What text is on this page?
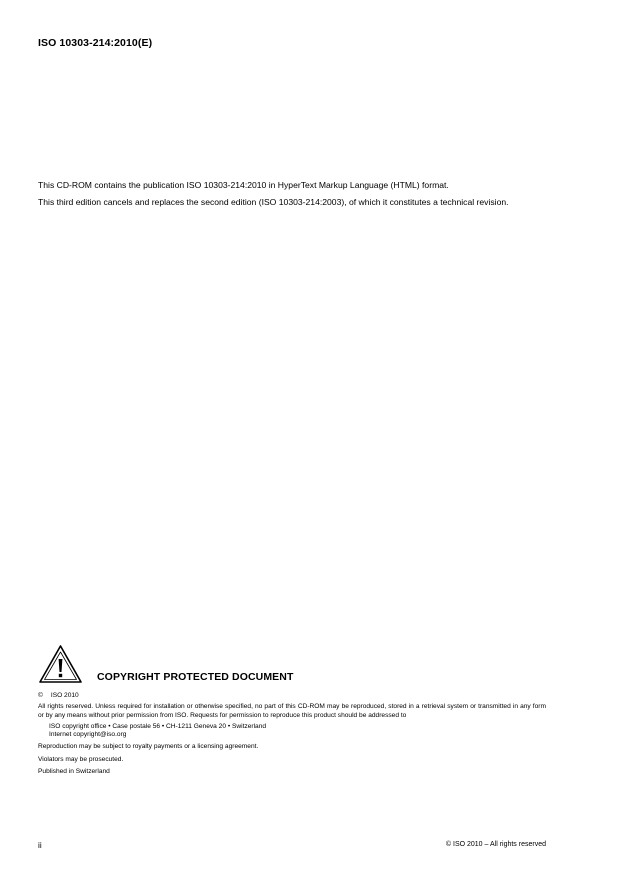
ISO 10303-214:2010(E)

This CD-ROM contains the publication ISO 10303-214:2010 in HyperText Markup Language (HTML) format.

This third edition cancels and replaces the second edition (ISO 10303-214:2003), of which it constitutes a technical revision.

COPYRIGHT PROTECTED DOCUMENT
© ISO 2010
All rights reserved. Unless required for installation or otherwise specified, no part of this CD-ROM may be reproduced, stored in a retrieval system or transmitted in any form or by any means without prior permission from ISO. Requests for permission to reproduce this product should be addressed to
ISO copyright office • Case postale 56 • CH-1211 Geneva 20 • Switzerland
Internet copyright@iso.org
Reproduction may be subject to royalty payments or a licensing agreement.
Violators may be prosecuted.
Published in Switzerland
ii	© ISO 2010 – All rights reserved
